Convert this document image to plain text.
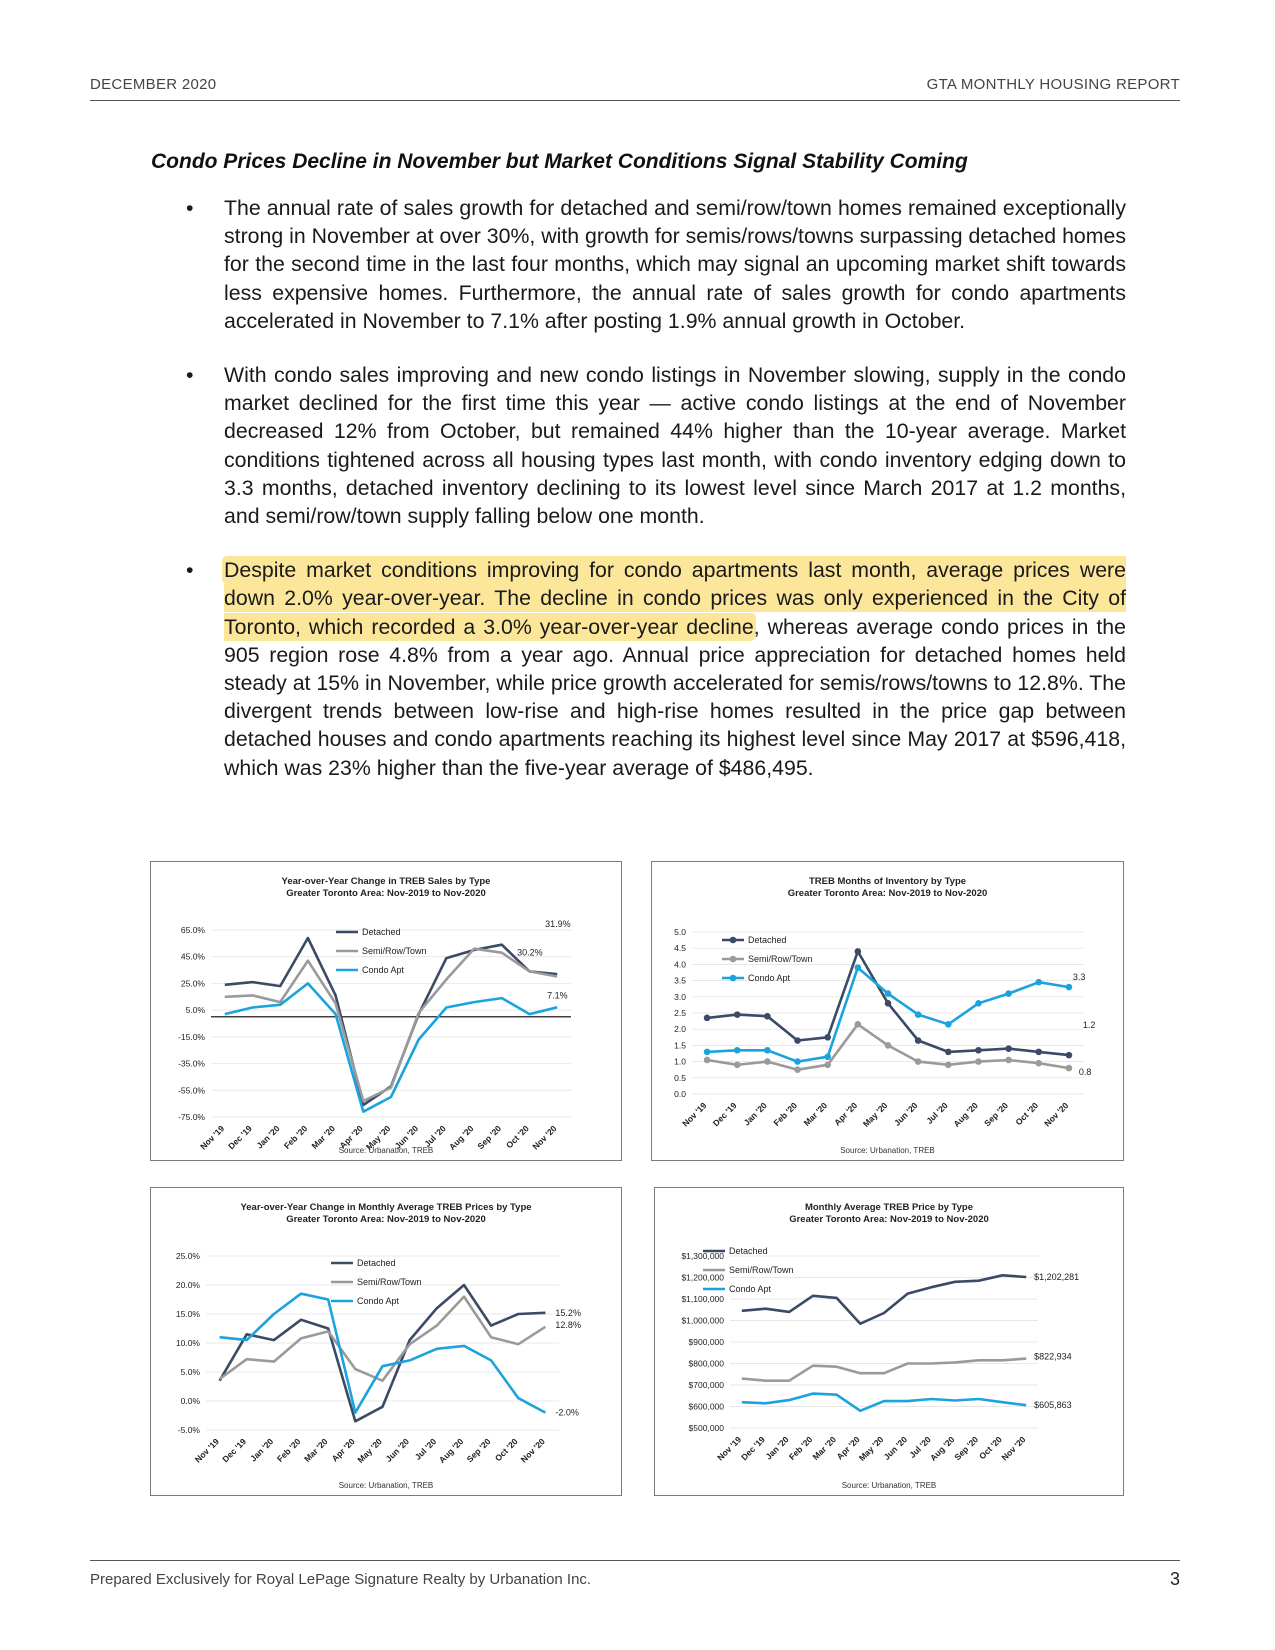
DECEMBER 2020	GTA MONTHLY HOUSING REPORT
Condo Prices Decline in November but Market Conditions Signal Stability Coming
• The annual rate of sales growth for detached and semi/row/town homes remained exceptionally strong in November at over 30%, with growth for semis/rows/towns surpassing detached homes for the second time in the last four months, which may signal an upcoming market shift towards less expensive homes. Furthermore, the annual rate of sales growth for condo apartments accelerated in November to 7.1% after posting 1.9% annual growth in October.
• With condo sales improving and new condo listings in November slowing, supply in the condo market declined for the first time this year — active condo listings at the end of November decreased 12% from October, but remained 44% higher than the 10-year average. Market conditions tightened across all housing types last month, with condo inventory edging down to 3.3 months, detached inventory declining to its lowest level since March 2017 at 1.2 months, and semi/row/town supply falling below one month.
• Despite market conditions improving for condo apartments last month, average prices were down 2.0% year-over-year. The decline in condo prices was only experienced in the City of Toronto, which recorded a 3.0% year-over-year decline, whereas average condo prices in the 905 region rose 4.8% from a year ago. Annual price appreciation for detached homes held steady at 15% in November, while price growth accelerated for semis/rows/towns to 12.8%. The divergent trends between low-rise and high-rise homes resulted in the price gap between detached houses and condo apartments reaching its highest level since May 2017 at $596,418, which was 23% higher than the five-year average of $486,495.
Year-over-Year Change in TREB Sales by Type
Greater Toronto Area: Nov-2019 to Nov-2020
65.0%
45.0%
25.0%
5.0%
-15.0%
-35.0%
-55.0%
-75.0%
Nov '19 Dec '19 Jan '20 Feb '20 Mar '20 Apr '20 May '20 Jun '20 Jul '20 Aug '20 Sep '20 Oct '20 Nov '20
Detached
Semi/Row/Town
Condo Apt
31.9%
30.2%
7.1%
Source: Urbanation, TREB
TREB Months of Inventory by Type
Greater Toronto Area: Nov-2019 to Nov-2020
5.0
4.5
4.0
3.5
3.0
2.5
2.0
1.5
1.0
0.5
0.0
Nov '19 Dec '19 Jan '20 Feb '20 Mar '20 Apr '20 May '20 Jun '20 Jul '20 Aug '20 Sep '20 Oct '20 Nov '20
Detached
Semi/Row/Town
Condo Apt	3.3
1.2
0.8
Source: Urbanation, TREB
Year-over-Year Change in Monthly Average TREB Prices by Type
Greater Toronto Area: Nov-2019 to Nov-2020
25.0%
20.0%
15.0%
10.0%
5.0%
0.0%
-5.0%
Nov '19 Dec '19 Jan '20 Feb '20 Mar '20 Apr '20
May '20 Jun '20 Jul '20
Aug '20 Sep '20 Oct '20
Nov '20
Detached
Semi/Row/Town
Condo Apt
15.2%
12.8%
-2.0%
Source: Urbanation, TREB
Monthly Average TREB Price by Type
Greater Toronto Area: Nov-2019 to Nov-2020
$1,300,000
$1,200,000
$1,100,000
$1,000,000
$900,000
$800,000
$700,000
$600,000
$500,000
Nov '19
Dec '19
Jan '20
Feb '20
Mar '20
Apr '20
May '20
Jun '20
Jul '20
Aug '20
Sep '20
Oct '20
Nov '20
Detached
Semi/Row/Town
Condo Apt
$1,202,281
$822,934
$605,863
Source: Urbanation, TREB
Prepared Exclusively for Royal LePage Signature Realty by Urbanation Inc.	3
